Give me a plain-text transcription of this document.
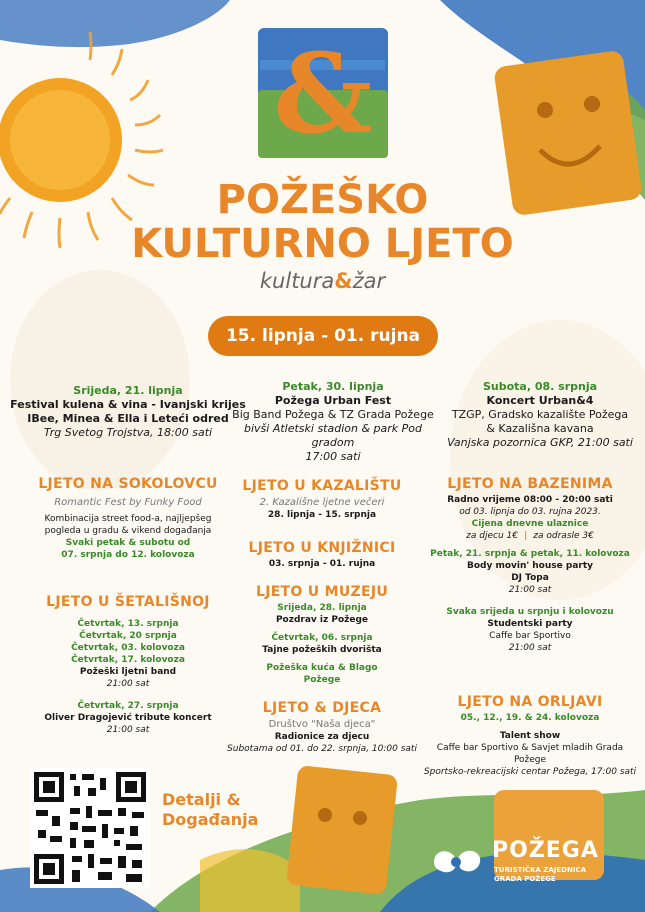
&
POŽEŠKO
KULTURNO LJETO
kultura&žar
15. lipnja - 01. rujna
Srijeda, 21. lipnja
Festival kulena & vina - Ivanjski krijes
IBee, Minea & Ella i Leteći odred
Trg Svetog Trojstva, 18:00 sati
Petak, 30. lipnja
Požega Urban Fest
Big Band Požega & TZ Grada Požege
bivši Atletski stadion & park Pod gradom
17:00 sati
Subota, 08. srpnja
Koncert Urban&4
TZGP, Gradsko kazalište Požega
& Kazališna kavana
Vanjska pozornica GKP, 21:00 sati
LJETO NA SOKOLOVCU
Romantic Fest by Funky Food
Kombinacija street food-a, najljepšeg
pogleda u gradu & vikend događanja
Svaki petak & subotu od
07. srpnja do 12. kolovoza
LJETO U ŠETALIŠNOJ
Četvrtak, 13. srpnja
Četvrtak, 20 srpnja
Četvrtak, 03. kolovoza
Četvrtak, 17. kolovoza
Požeški ljetni band
21:00 sat
Četvrtak, 27. srpnja
Oliver Dragojević tribute koncert
21:00 sat
LJETO U KAZALIŠTU
2. Kazališne ljetne večeri
28. lipnja - 15. srpnja
LJETO U KNJIŽNICI
03. srpnja - 01. rujna
LJETO U MUZEJU
Srijeda, 28. lipnja
Pozdrav iz Požege
Četvrtak, 06. srpnja
Tajne požeških dvorišta
Požeška kuća & Blago
Požege
LJETO & DJECA
Društvo "Naša djeca"
Radionice za djecu
Subotama od 01. do 22. srpnja, 10:00 sati
LJETO NA BAZENIMA
Radno vrijeme 08:00 - 20:00 sati
od 03. lipnja do 03. rujna 2023.
Cijena dnevne ulaznice
za djecu 1€  |  za odrasle 3€
Petak, 21. srpnja & petak, 11. kolovoza
Body movin' house party
DJ Topa
21:00 sat
Svaka srijeda u srpnju i kolovozu
Studentski party
Caffe bar Sportivo
21:00 sat
LJETO NA ORLJAVI
05., 12., 19. & 24. kolovoza
Talent show
Caffe bar Sportivo & Savjet mladih Grada Požege
Sportsko-rekreacijski centar Požega, 17:00 sati
Detalji &
Događanja
POŽEGA
TURISTIČKA ZAJEDNICA
GRADA POŽEGE
